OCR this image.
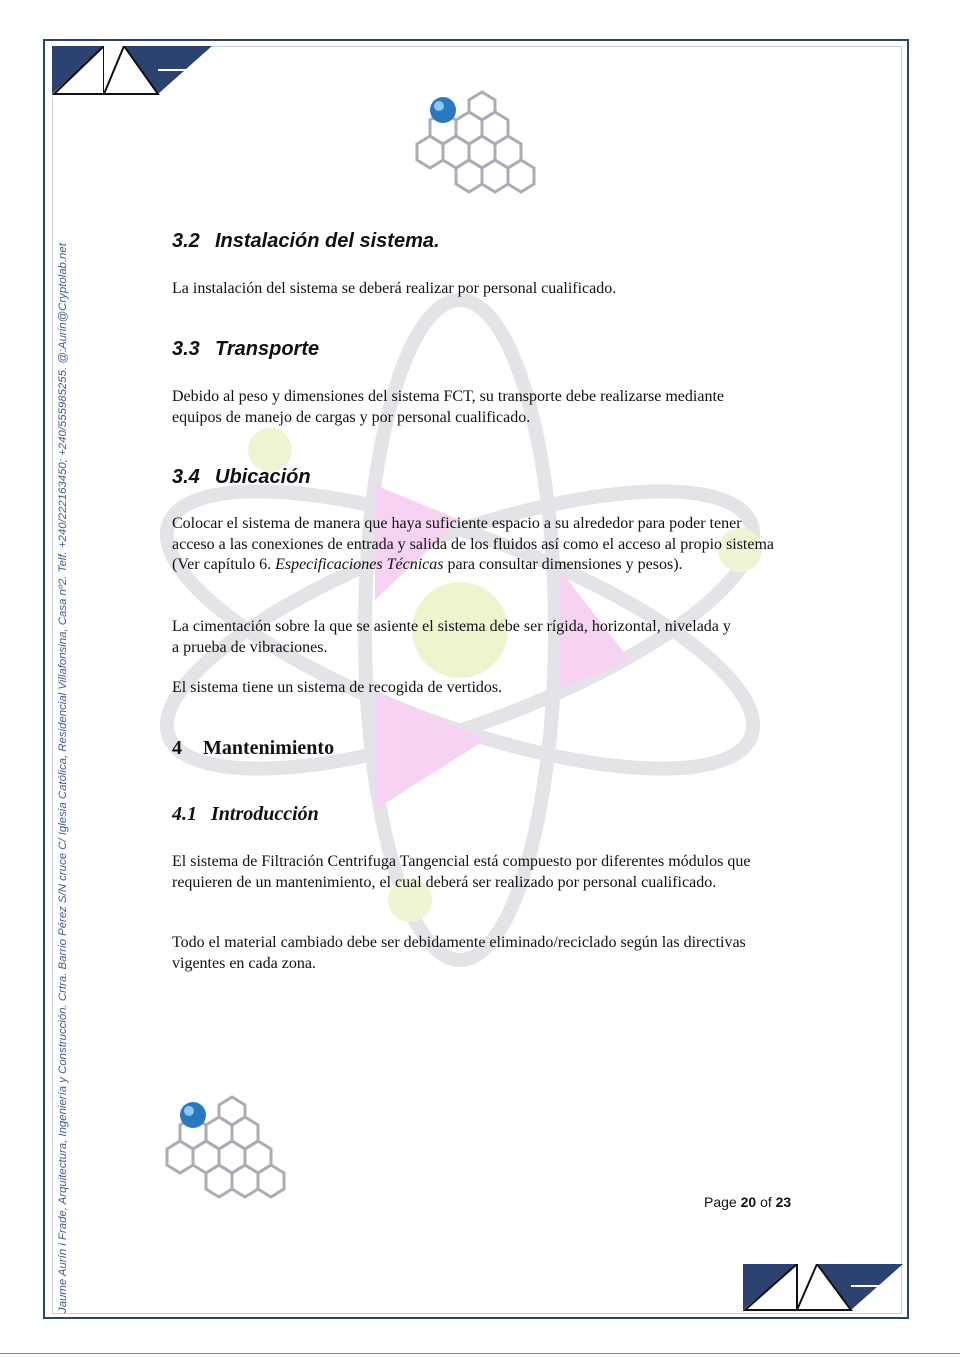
Jaume Aurín i Frade, Arquitectura, Ingeniería y Construcción. Crtra. Barrio Pérez S/N cruce C/ Iglesia Católica, Residencial Villafonsina, Casa nº2. Telf. +240/222163450; +240/555985255. @:Aurin@Cryptolab.net
3.2 Instalación del sistema.
La instalación del sistema se deberá realizar por personal cualificado.
3.3 Transporte
Debido al peso y dimensiones del sistema FCT, su transporte debe realizarse mediante equipos de manejo de cargas y por personal cualificado.
3.4 Ubicación
Colocar el sistema de manera que haya suficiente espacio a su alrededor para poder tener acceso a las conexiones de entrada y salida de los fluidos así como el acceso al propio sistema (Ver capítulo 6. Especificaciones Técnicas para consultar dimensiones y pesos).
La cimentación sobre la que se asiente el sistema debe ser rígida, horizontal, nivelada y a prueba de vibraciones.
El sistema tiene un sistema de recogida de vertidos.
4 Mantenimiento
4.1 Introducción
El sistema de Filtración Centrifuga Tangencial está compuesto por diferentes módulos que requieren de un mantenimiento, el cual deberá ser realizado por personal cualificado.
Todo el material cambiado debe ser debidamente eliminado/reciclado según las directivas vigentes en cada zona.
Page 20 of 23
